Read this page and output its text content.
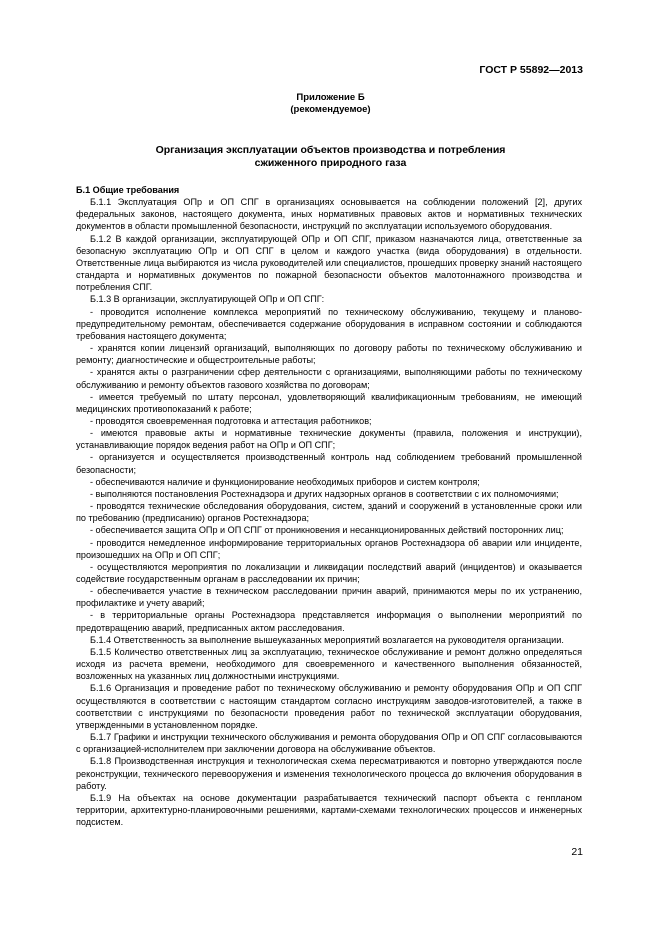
ГОСТ Р 55892—2013
Приложение Б
(рекомендуемое)
Организация эксплуатации объектов производства и потребления
сжиженного природного газа

Б.1 Общие требования

Б.1.1 Эксплуатация ОПр и ОП СПГ в организациях основывается на соблюдении положений [2], других федеральных законов, настоящего документа, иных нормативных правовых актов и нормативных технических документов в области промышленной безопасности, инструкций по эксплуатации используемого оборудования.

Б.1.2 В каждой организации, эксплуатирующей ОПр и ОП СПГ, приказом назначаются лица, ответственные за безопасную эксплуатацию ОПр и ОП СПГ в целом и каждого участка (вида оборудования) в отдельности. Ответственные лица выбираются из числа руководителей или специалистов, прошедших проверку знаний настоящего стандарта и нормативных документов по пожарной безопасности объектов малотоннажного производства и потребления СПГ.

Б.1.3 В организации, эксплуатирующей ОПр и ОП СПГ:

- проводится исполнение комплекса мероприятий по техническому обслуживанию, текущему и планово-предупредительному ремонтам, обеспечивается содержание оборудования в исправном состоянии и соблюдаются требования настоящего документа;

- хранятся копии лицензий организаций, выполняющих по договору работы по техническому обслуживанию и ремонту; диагностические и общестроительные работы;

- хранятся акты о разграничении сфер деятельности с организациями, выполняющими работы по техническому обслуживанию и ремонту объектов газового хозяйства по договорам;

- имеется требуемый по штату персонал, удовлетворяющий квалификационным требованиям, не имеющий медицинских противопоказаний к работе;

- проводятся своевременная подготовка и аттестация работников;

- имеются правовые акты и нормативные технические документы (правила, положения и инструкции), устанавливающие порядок ведения работ на ОПр и ОП СПГ;

- организуется и осуществляется производственный контроль над соблюдением требований промышленной безопасности;

- обеспечиваются наличие и функционирование необходимых приборов и систем контроля;

- выполняются постановления Ростехнадзора и других надзорных органов в соответствии с их полномочиями;

- проводятся технические обследования оборудования, систем, зданий и сооружений в установленные сроки или по требованию (предписанию) органов Ростехнадзора;

- обеспечивается защита ОПр и ОП СПГ от проникновения и несанкционированных действий посторонних лиц;

- проводится немедленное информирование территориальных органов Ростехнадзора об аварии или инциденте, произошедших на ОПр и ОП СПГ;

- осуществляются мероприятия по локализации и ликвидации последствий аварий (инцидентов) и оказывается содействие государственным органам в расследовании их причин;

- обеспечивается участие в техническом расследовании причин аварий, принимаются меры по их устранению, профилактике и учету аварий;

- в территориальные органы Ростехнадзора представляется информация о выполнении мероприятий по предотвращению аварий, предписанных актом расследования.

Б.1.4 Ответственность за выполнение вышеуказанных мероприятий возлагается на руководителя организации.

Б.1.5 Количество ответственных лиц за эксплуатацию, техническое обслуживание и ремонт должно определяться исходя из расчета времени, необходимого для своевременного и качественного выполнения обязанностей, возложенных на указанных лиц должностными инструкциями.

Б.1.6 Организация и проведение работ по техническому обслуживанию и ремонту оборудования ОПр и ОП СПГ осуществляются в соответствии с настоящим стандартом согласно инструкциям заводов-изготовителей, а также в соответствии с инструкциями по безопасности проведения работ по технической эксплуатации оборудования, утвержденными в установленном порядке.

Б.1.7 Графики и инструкции технического обслуживания и ремонта оборудования ОПр и ОП СПГ согласовываются с организацией-исполнителем при заключении договора на обслуживание объектов.

Б.1.8 Производственная инструкция и технологическая схема пересматриваются и повторно утверждаются после реконструкции, технического перевооружения и изменения технологического процесса до включения оборудования в работу.

Б.1.9 На объектах на основе документации разрабатывается технический паспорт объекта с генпланом территории, архитектурно-планировочными решениями, картами-схемами технологических процессов и инженерных подсистем.

21
